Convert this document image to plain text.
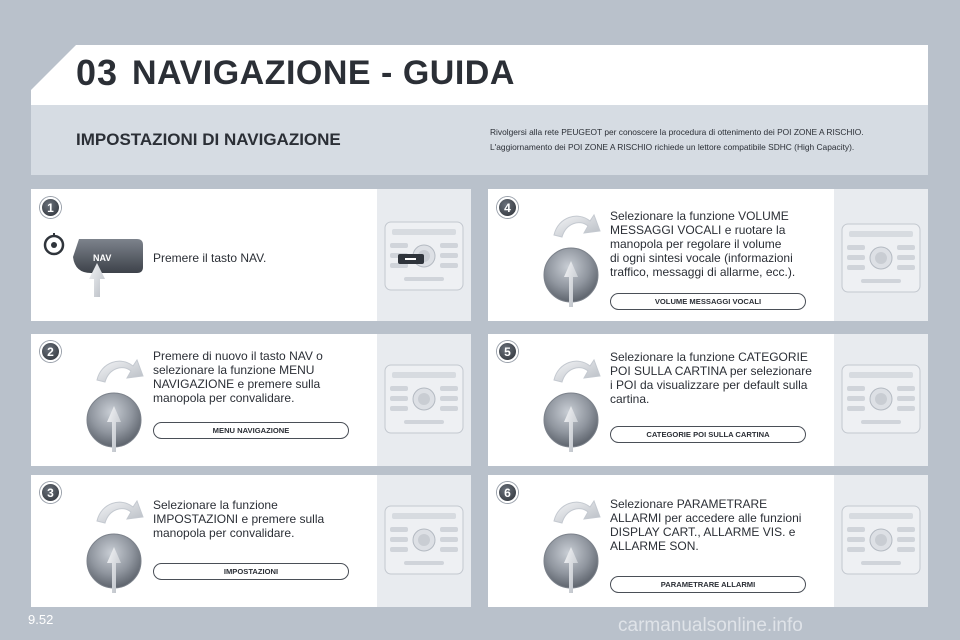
03 NAVIGAZIONE - GUIDA
IMPOSTAZIONI DI NAVIGAZIONE	Rivolgersi alla rete PEUGEOT per conoscere la procedura di ottenimento dei POI ZONE A RISCHIO.
L'aggiornamento dei POI ZONE A RISCHIO richiede un lettore compatibile SDHC (High Capacity).
NAV	Premere il tasto NAV.
1
Premere di nuovo il tasto NAV o
selezionare la funzione MENU
NAVIGAZIONE e premere sulla
manopola per convalidare.
MENU NAVIGAZIONE
2
Selezionare la funzione
IMPOSTAZIONI e premere sulla
manopola per convalidare.
IMPOSTAZIONI
3
Selezionare la funzione VOLUME
MESSAGGI VOCALI e ruotare la
manopola per regolare il volume
di ogni sintesi vocale (informazioni
traffico, messaggi di allarme, ecc.).
VOLUME MESSAGGI VOCALI
4
Selezionare la funzione CATEGORIE
POI SULLA CARTINA per selezionare
i POI da visualizzare per default sulla
cartina.
CATEGORIE POI SULLA CARTINA
5
Selezionare PARAMETRARE
ALLARMI per accedere alle funzioni
DISPLAY CART., ALLARME VIS. e
ALLARME SON.
PARAMETRARE ALLARMI
6
9.52	carmanualsonline.info
